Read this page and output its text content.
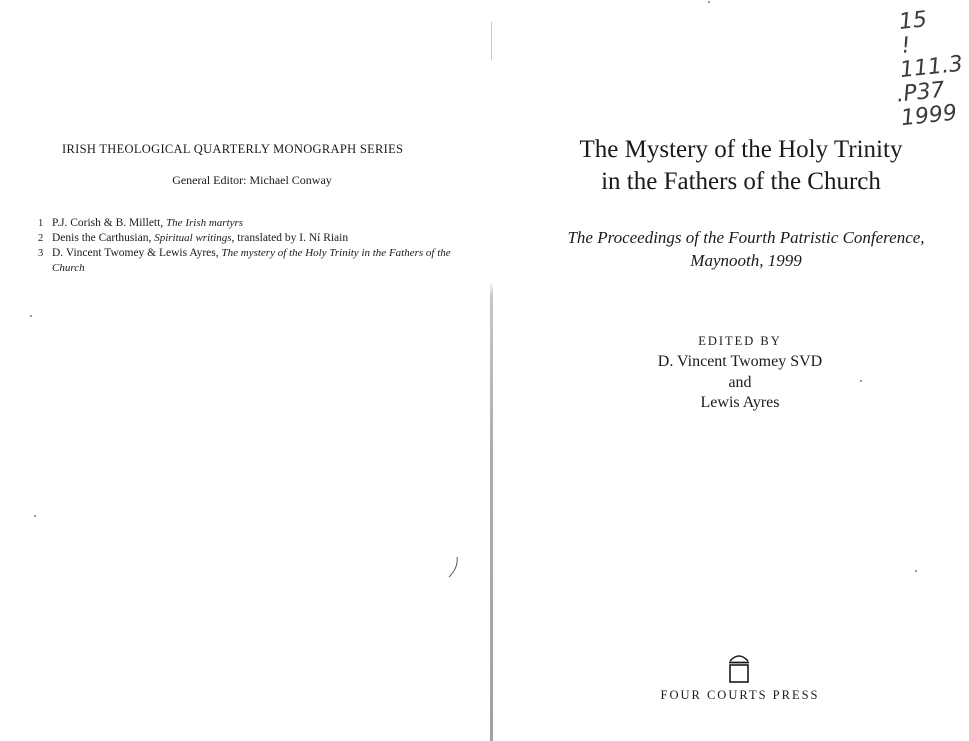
IRISH THEOLOGICAL QUARTERLY MONOGRAPH SERIES
General Editor: Michael Conway
1 P.J. Corish & B. Millett, The Irish martyrs
2 Denis the Carthusian, Spiritual writings, translated by I. Ní Riain
3 D. Vincent Twomey & Lewis Ayres, The mystery of the Holy Trinity in the Fathers of the Church
15 !
111.3
.P37
1999
The Mystery of the Holy Trinity
in the Fathers of the Church
The Proceedings of the Fourth Patristic Conference,
Maynooth, 1999
EDITED BY
D. Vincent Twomey SVD
and
Lewis Ayres
FOUR COURTS PRESS
